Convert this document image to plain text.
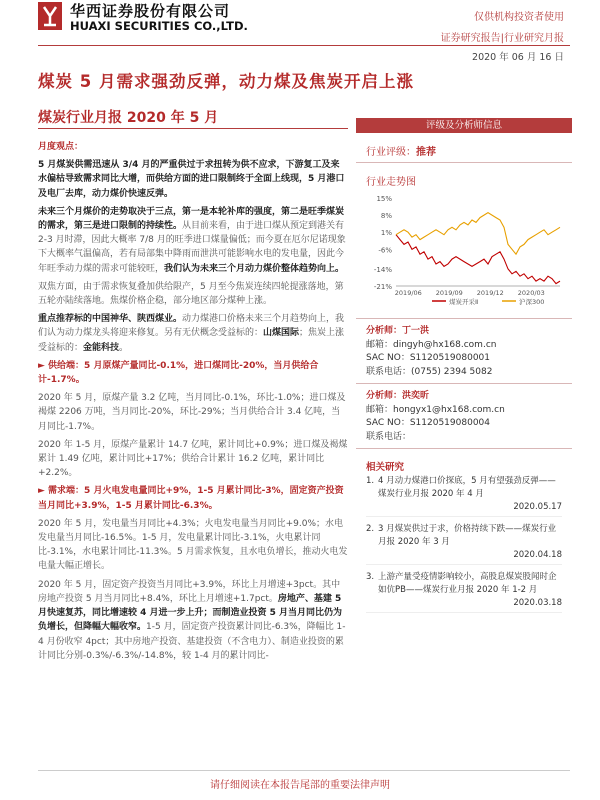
华西证券股份有限公司
HUAXI SECURITIES CO.,LTD.
仅供机构投资者使用
证券研究报告|行业研究月报
2020 年 06 月 16 日
煤炭 5 月需求强劲反弹，动力煤及焦炭开启上涨
煤炭行业月报 2020 年 5 月

月度观点：

5 月煤炭供需迅速从 3/4 月的严重供过于求扭转为供不应求，下游复工及来水偏枯导致需求同比大增，而供给方面的进口限制终于全面上线现，5 月港口及电厂去库，动力煤价快速反弹。

未来三个月煤价的走势取决于三点，第一是本轮补库的强度，第二是旺季煤炭的需求，第三是进口限制的持续性。从目前来看，由于进口煤从预定到港关有 2-3 月时滞，因此大概率 7/8 月的旺季进口煤量偏低；而今夏在厄尔尼诺现象下大概率气温偏高，若有局部集中降雨而泄洪可能影响水电的发电量，因此今年旺季动力煤的需求可能较旺，我们认为未来三个月动力煤价整体趋势向上。

双焦方面，由于需求恢复叠加供给限产，5 月至今焦炭连续四轮提涨落地，第五轮亦陆续落地。焦煤价格企稳，部分地区部分煤种上涨。

重点推荐标的中国神华、陕西煤业。动力煤港口价格未来三个月趋势向上，我们认为动力煤龙头将迎来修复。另有无伏概念受益标的：山煤国际；焦炭上涨受益标的：金能科技。

► 供给端：5 月原煤产量同比-0.1%，进口煤同比-20%，当月供给合计-1.7%。

2020 年 5 月，原煤产量 3.2 亿吨，当月同比-0.1%，环比-1.0%；进口煤及褐煤 2206 万吨，当月同比-20%，环比-29%；当月供给合计 3.4 亿吨，当月同比-1.7%。

2020 年 1-5 月，原煤产量累计 14.7 亿吨，累计同比+0.9%；进口煤及褐煤累计 1.49 亿吨，累计同比+17%；供给合计累计 16.2 亿吨，累计同比+2.2%。

► 需求端：5 月火电发电量同比+9%，1-5 月累计同比-3%，固定资产投资当月同比+3.9%，1-5 月累计同比-6.3%。

2020 年 5 月，发电量当月同比+4.3%；火电发电量当月同比+9.0%；水电发电量当月同比-16.5%。1-5 月，发电量累计同比-3.1%，火电累计同比-3.1%，水电累计同比-11.3%。5 月需求恢复，且水电负增长，推动火电发电量大幅正增长。

2020 年 5 月，固定资产投资当月同比+3.9%，环比上月增速+3pct。其中房地产投资 5 月当月同比+8.4%，环比上月增速+1.7pct。房地产、基建 5 月快速复苏，同比增速较 4 月进一步上升；而制造业投资 5 月当月同比仍为负增长，但降幅大幅收窄。1-5 月，固定资产投资累计同比-6.3%，降幅比 1-4 月份收窄 4pct；其中房地产投资、基建投资（不含电力）、制造业投资的累计同比分别-0.3%/-6.3%/-14.8%，较 1-4 月的累计同比-

评级及分析师信息
行业评级：推荐
行业走势图
15%
8%
1%
-6%
-14%
-21%
2019/06 2019/09 2019/12 2020/03
煤炭开采Ⅱ	沪深300
分析师：丁一洪
邮箱：dingyh@hx168.com.cn
SAC NO：S1120519080001
联系电话：(0755) 2394 5082
分析师：洪奕昕
邮箱：hongyx1@hx168.com.cn
SAC NO：S1120519080004
联系电话：
相关研究
1. 4 月动力煤港口价探底，5 月有望强劲反弹——煤炭行业月报 2020 年 4 月
2020.05.17
2. 3 月煤炭供过于求，价格持续下跌——煤炭行业月报 2020 年 3 月
2020.04.18
3. 上游产量受疫情影响较小，高股息煤炭股闻时企如伉PB——煤炭行业月报 2020 年 1-2 月
2020.03.18
请仔细阅读在本报告尾部的重要法律声明
